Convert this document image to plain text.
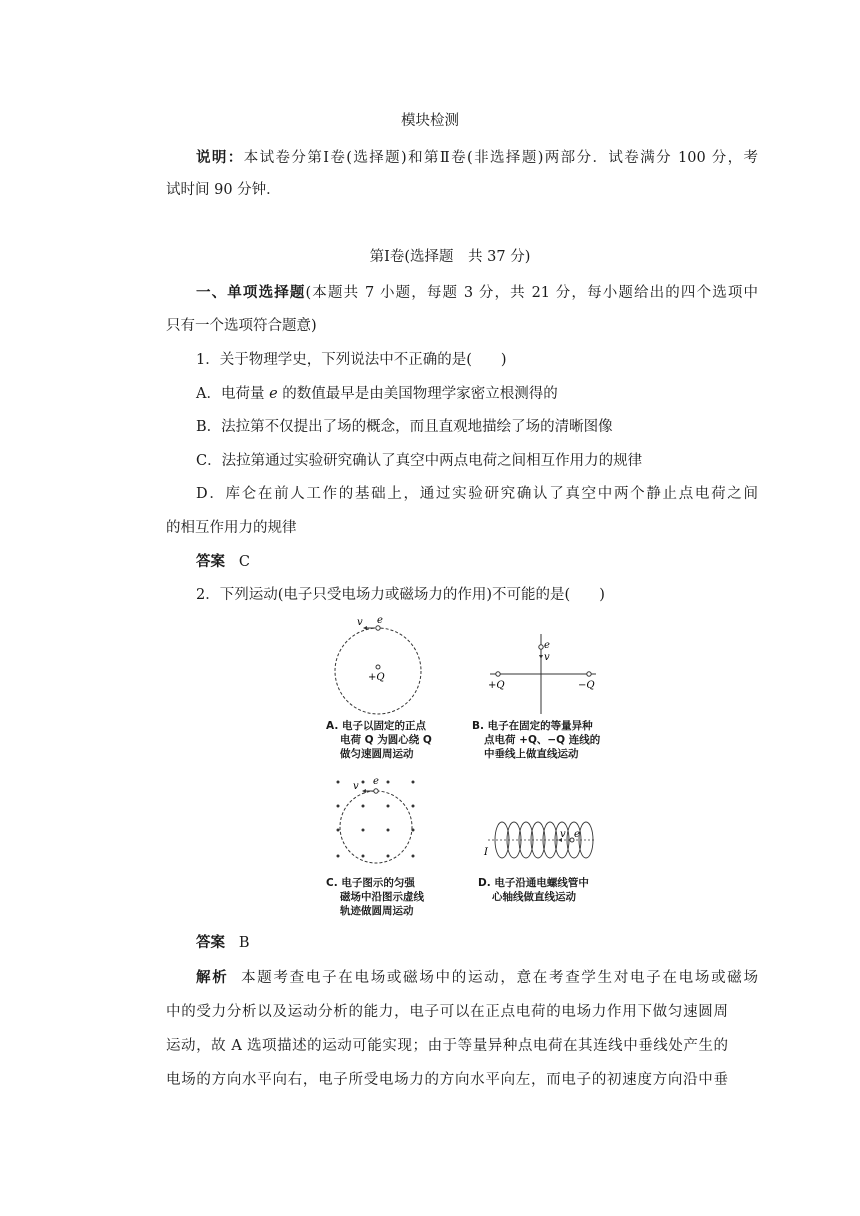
模块检测
说明：本试卷分第Ⅰ卷(选择题)和第Ⅱ卷(非选择题)两部分．试卷满分 100 分，考
试时间 90 分钟．
第Ⅰ卷(选择题　共 37 分)
一、单项选择题(本题共 7 小题，每题 3 分，共 21 分，每小题给出的四个选项中
只有一个选项符合题意)
1．关于物理学史，下列说法中不正确的是(　　)
A．电荷量 e 的数值最早是由美国物理学家密立根测得的
B．法拉第不仅提出了场的概念，而且直观地描绘了场的清晰图像
C．法拉第通过实验研究确认了真空中两点电荷之间相互作用力的规律
D．库仑在前人工作的基础上，通过实验研究确认了真空中两个静止点电荷之间
的相互作用力的规律
答案 C
2．下列运动(电子只受电场力或磁场力的作用)不可能的是(　　)
v e
+Q
A. 电子以固定的正点
电荷 Q 为圆心绕 Q
做匀速圆周运动
e
v
+Q	−Q
B. 电子在固定的等量异种
点电荷 +Q、−Q 连线的
中垂线上做直线运动
v e
C. 电子图示的匀强
磁场中沿图示虚线
轨迹做圆周运动
I
v e
D. 电子沿通电螺线管中
心轴线做直线运动
答案 B
解析 本题考查电子在电场或磁场中的运动，意在考查学生对电子在电场或磁场
中的受力分析以及运动分析的能力，电子可以在正点电荷的电场力作用下做匀速圆周
运动，故 A 选项描述的运动可能实现；由于等量异种点电荷在其连线中垂线处产生的
电场的方向水平向右，电子所受电场力的方向水平向左，而电子的初速度方向沿中垂
